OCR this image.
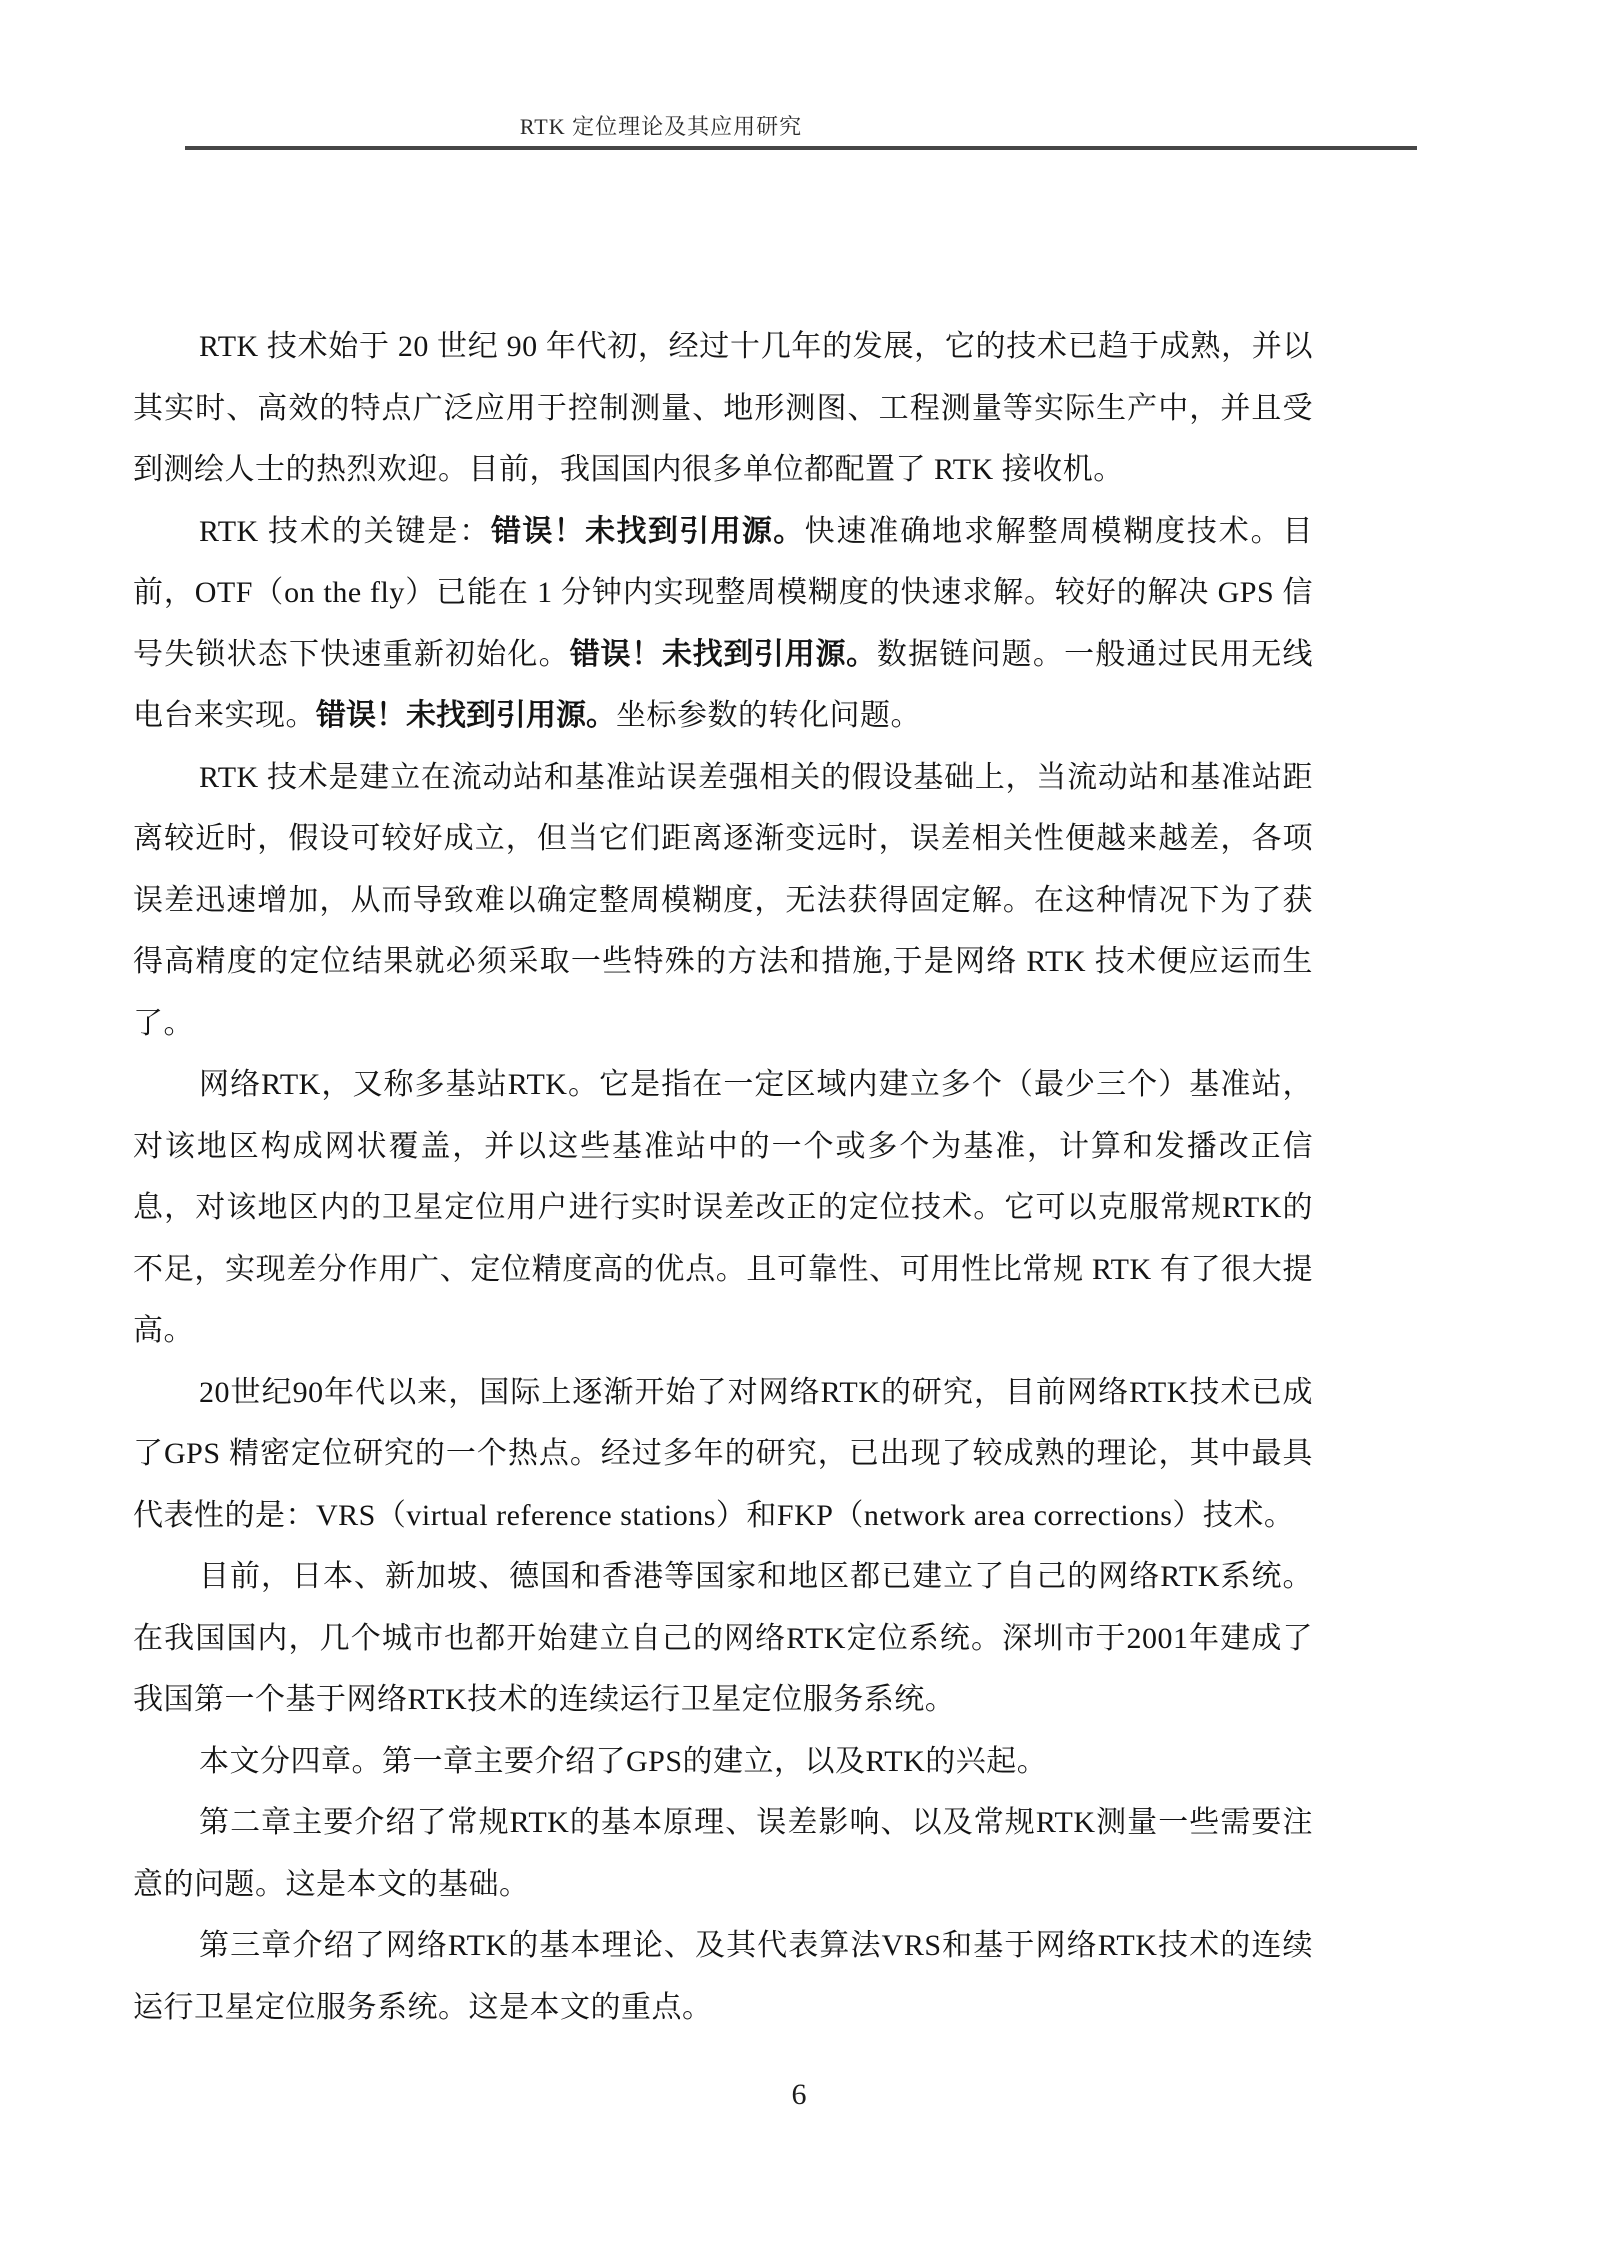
RTK 定位理论及其应用研究

RTK 技术始于 20 世纪 90 年代初，经过十几年的发展，它的技术已趋于成熟，并以其实时、高效的特点广泛应用于控制测量、地形测图、工程测量等实际生产中，并且受到测绘人士的热烈欢迎。目前，我国国内很多单位都配置了 RTK 接收机。

RTK 技术的关键是：错误！未找到引用源。快速准确地求解整周模糊度技术。目前，OTF（on the fly）已能在 1 分钟内实现整周模糊度的快速求解。较好的解决 GPS 信号失锁状态下快速重新初始化。错误！未找到引用源。数据链问题。一般通过民用无线电台来实现。错误！未找到引用源。坐标参数的转化问题。

RTK 技术是建立在流动站和基准站误差强相关的假设基础上，当流动站和基准站距离较近时，假设可较好成立，但当它们距离逐渐变远时，误差相关性便越来越差，各项误差迅速增加，从而导致难以确定整周模糊度，无法获得固定解。在这种情况下为了获得高精度的定位结果就必须采取一些特殊的方法和措施,于是网络 RTK 技术便应运而生了。

网络RTK，又称多基站RTK。它是指在一定区域内建立多个（最少三个）基准站，对该地区构成网状覆盖，并以这些基准站中的一个或多个为基准，计算和发播改正信息，对该地区内的卫星定位用户进行实时误差改正的定位技术。它可以克服常规RTK的不足，实现差分作用广、定位精度高的优点。且可靠性、可用性比常规 RTK 有了很大提高。

20世纪90年代以来，国际上逐渐开始了对网络RTK的研究，目前网络RTK技术已成了GPS 精密定位研究的一个热点。经过多年的研究，已出现了较成熟的理论，其中最具代表性的是：VRS（virtual reference stations）和FKP（network area corrections）技术。

目前，日本、新加坡、德国和香港等国家和地区都已建立了自己的网络RTK系统。在我国国内，几个城市也都开始建立自己的网络RTK定位系统。深圳市于2001年建成了我国第一个基于网络RTK技术的连续运行卫星定位服务系统。

本文分四章。第一章主要介绍了GPS的建立，以及RTK的兴起。

第二章主要介绍了常规RTK的基本原理、误差影响、以及常规RTK测量一些需要注意的问题。这是本文的基础。

第三章介绍了网络RTK的基本理论、及其代表算法VRS和基于网络RTK技术的连续运行卫星定位服务系统。这是本文的重点。

6
